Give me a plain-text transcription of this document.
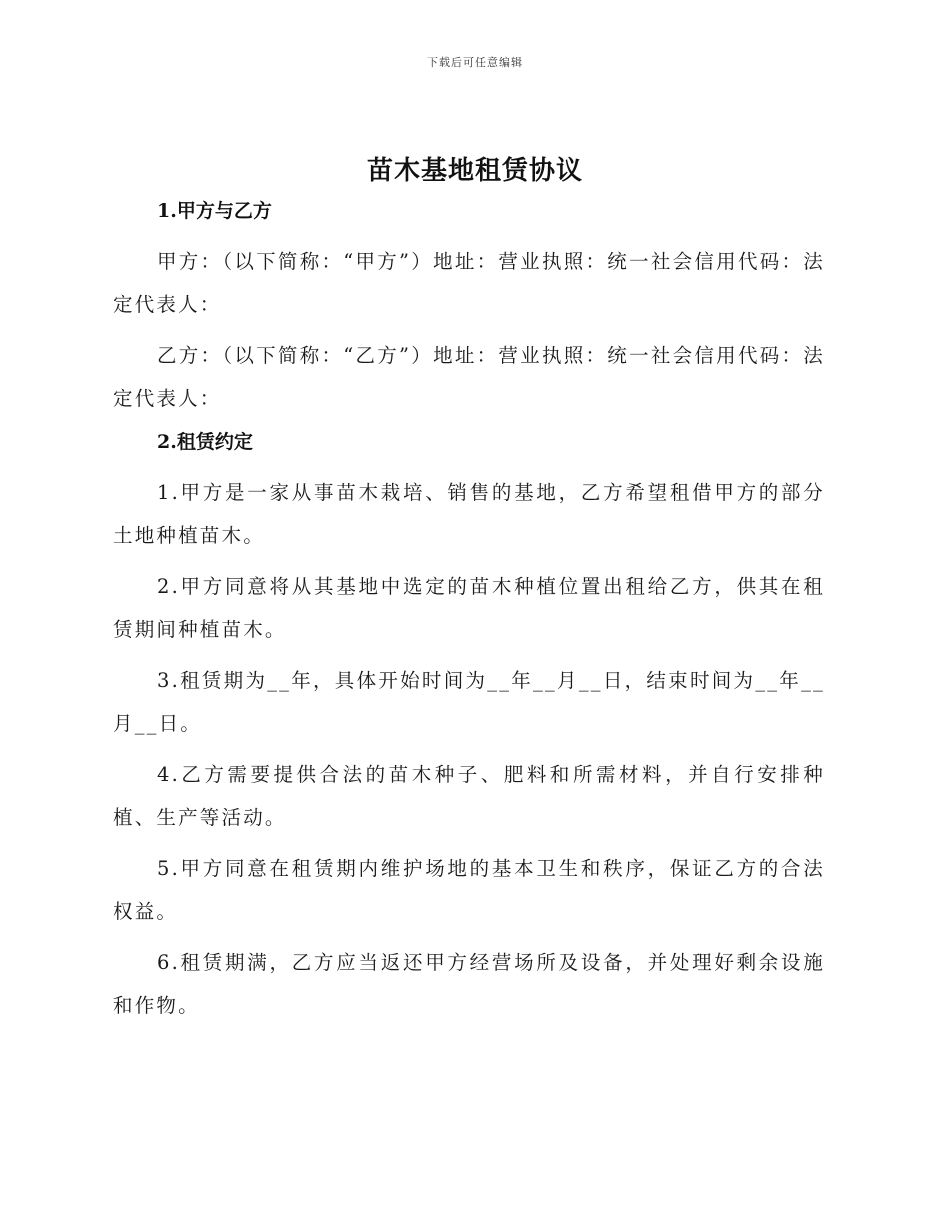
下载后可任意编辑
苗木基地租赁协议
1.甲方与乙方

甲方：（以下简称：“甲方”）地址：营业执照：统一社会信用代码：法定代表人：

乙方：（以下简称：“乙方”）地址：营业执照：统一社会信用代码：法定代表人：

2.租赁约定

1.甲方是一家从事苗木栽培、销售的基地，乙方希望租借甲方的部分土地种植苗木。

2.甲方同意将从其基地中选定的苗木种植位置出租给乙方，供其在租赁期间种植苗木。

3.租赁期为__年，具体开始时间为__年__月__日，结束时间为__年__月__日。

4.乙方需要提供合法的苗木种子、肥料和所需材料，并自行安排种植、生产等活动。

5.甲方同意在租赁期内维护场地的基本卫生和秩序，保证乙方的合法权益。

6.租赁期满，乙方应当返还甲方经营场所及设备，并处理好剩余设施和作物。
